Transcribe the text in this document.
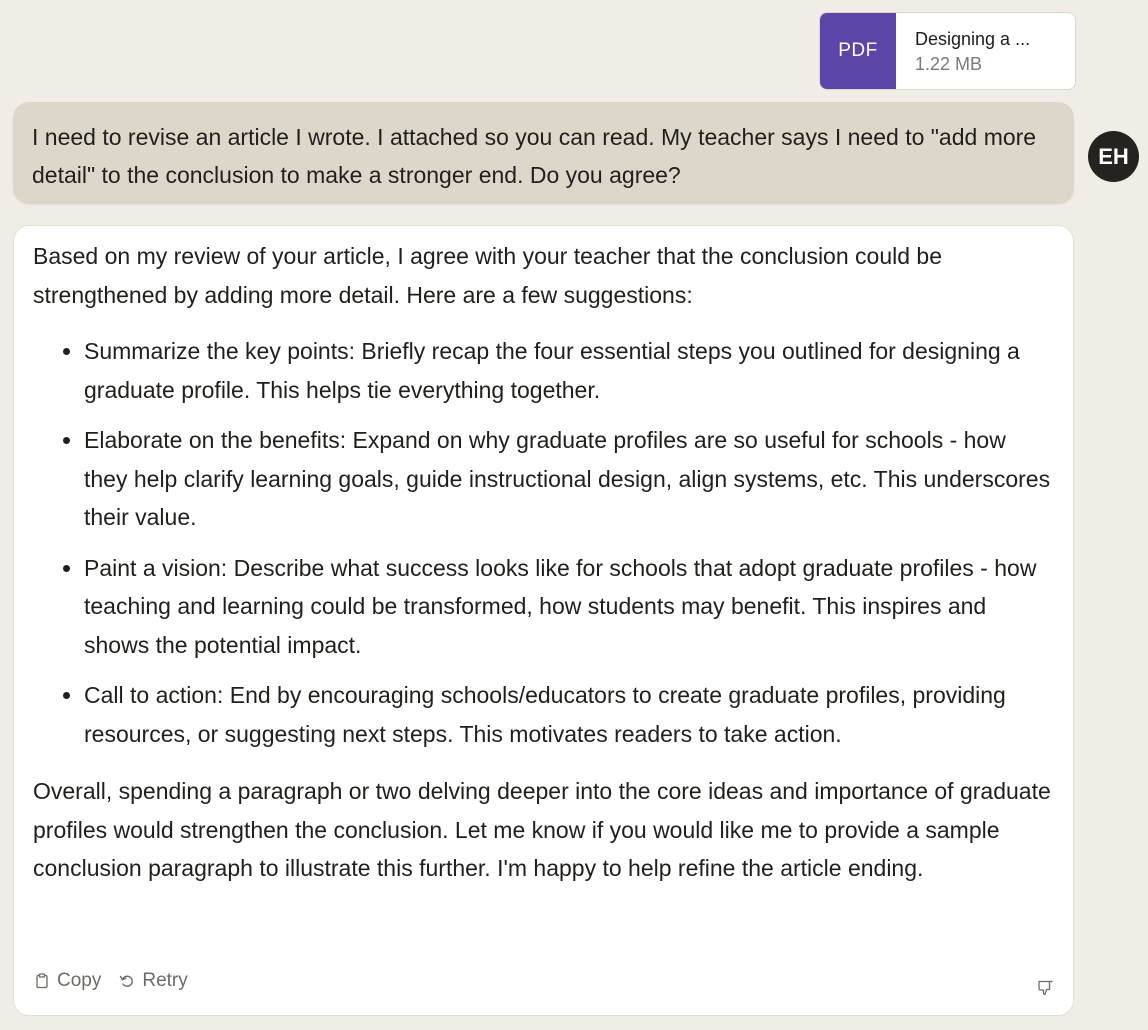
PDF
Designing a ...
1.22 MB
I need to revise an article I wrote. I attached so you can read. My teacher says I need to "add more detail" to the conclusion to make a stronger end. Do you agree?
EH

Based on my review of your article, I agree with your teacher that the conclusion could be strengthened by adding more detail. Here are a few suggestions:

• Summarize the key points: Briefly recap the four essential steps you outlined for designing a graduate profile. This helps tie everything together.
• Elaborate on the benefits: Expand on why graduate profiles are so useful for schools - how they help clarify learning goals, guide instructional design, align systems, etc. This underscores their value.
• Paint a vision: Describe what success looks like for schools that adopt graduate profiles - how teaching and learning could be transformed, how students may benefit. This inspires and shows the potential impact.
• Call to action: End by encouraging schools/educators to create graduate profiles, providing resources, or suggesting next steps. This motivates readers to take action.

Overall, spending a paragraph or two delving deeper into the core ideas and importance of graduate profiles would strengthen the conclusion. Let me know if you would like me to provide a sample conclusion paragraph to illustrate this further. I'm happy to help refine the article ending.

Copy Retry
